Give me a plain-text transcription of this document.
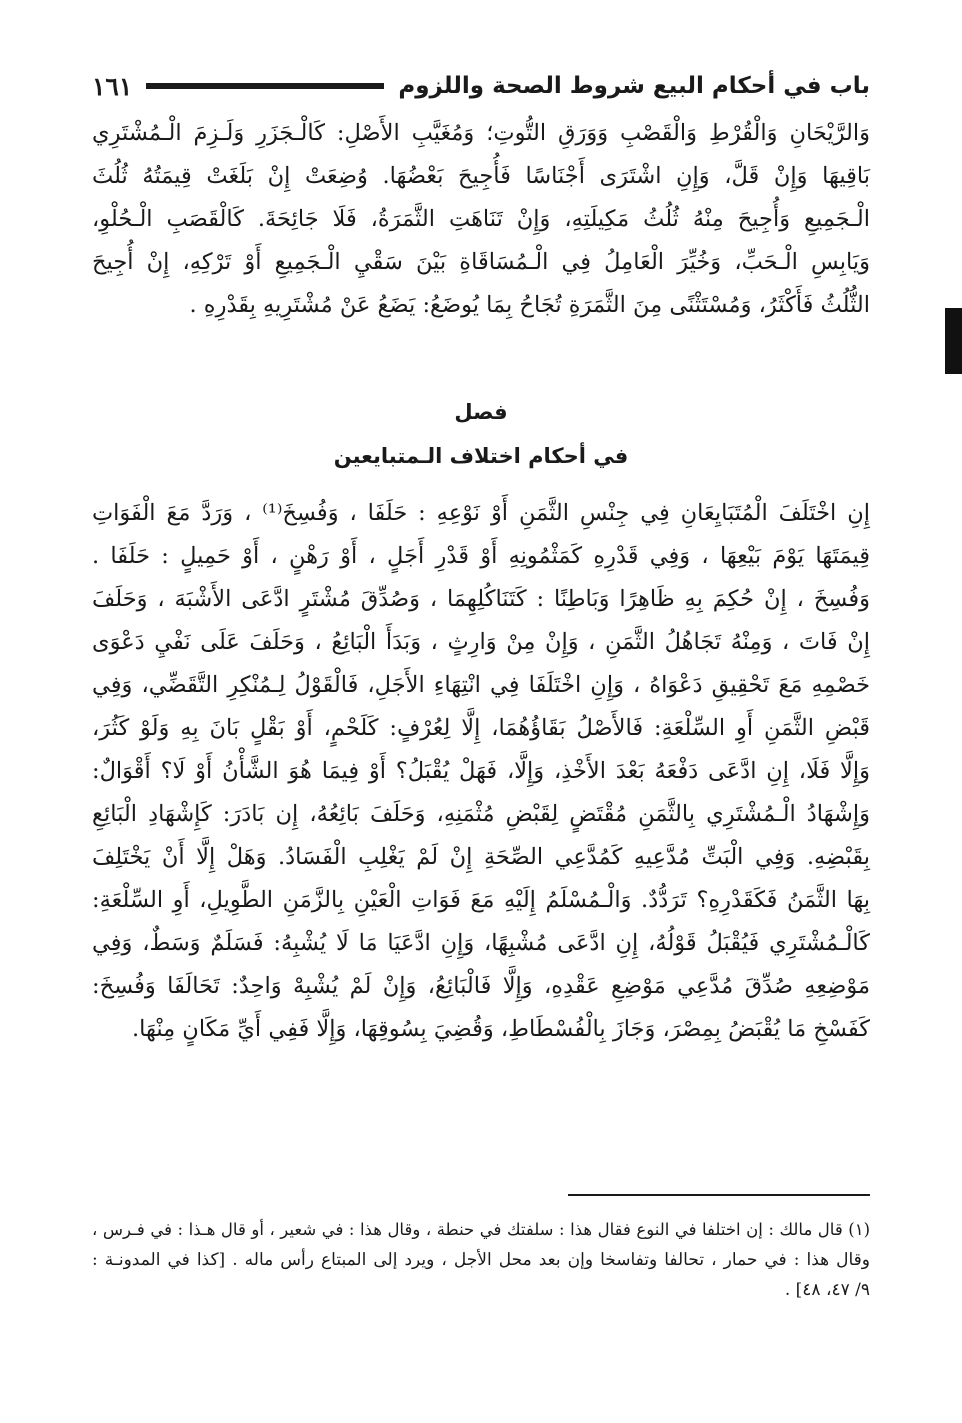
باب في أحكام البيع شروط الصحة واللزوم
١٦١
وَالرَّيْحَانِ وَالْقُرْطِ وَالْقَصْبِ وَوَرَقِ التُّوتِ؛ وَمُغَيَّبِ الأَصْلِ: كَالْـجَزَرِ وَلَـزِمَ الْـمُشْتَرِي
بَاقِيهَا وَإِنْ قَلَّ، وَإِنِ اشْتَرَى أَجْنَاسًا فَأُجِيحَ بَعْضُهَا. وُضِعَتْ إِنْ بَلَغَتْ قِيمَتُهُ ثُلُثَ
الْـجَمِيعِ وَأُجِيحَ مِنْهُ ثُلُثُ مَكِيلَتِهِ، وَإِنْ تَنَاهَتِ الثَّمَرَةُ، فَلَا جَائِحَةَ. كَالْقَصَبِ الْـحُلْوِ،
وَيَابِسِ الْـحَبِّ، وَخُيِّرَ الْعَامِلُ فِي الْـمُسَاقَاةِ بَيْنَ سَقْيِ الْـجَمِيعِ أَوْ تَرْكِهِ، إِنْ أُجِيحَ
الثُّلُثُ فَأَكْثَرُ، وَمُسْتَثْنًى مِنَ الثَّمَرَةِ تُجَاحُ بِمَا يُوضَعُ: يَضَعُ عَنْ مُشْتَرِيهِ بِقَدْرِهِ .
فصل
في أحكام اختلاف الـمتبايعين
إِنِ اخْتَلَفَ الْمُتَبَايِعَانِ فِي جِنْسِ الثَّمَنِ أَوْ نَوْعِهِ : حَلَفَا ، وَفُسِخَ⁽¹⁾ ، وَرَدَّ مَعَ الْفَوَاتِ
قِيمَتَهَا يَوْمَ بَيْعِهَا ، وَفِي قَدْرِهِ كَمَثْمُونِهِ أَوْ قَدْرِ أَجَلٍ ، أَوْ رَهْنٍ ، أَوْ حَمِيلٍ : حَلَفَا .
وَفُسِخَ ، إِنْ حُكِمَ بِهِ ظَاهِرًا وَبَاطِنًا : كَتَنَاكُلِهِمَا ، وَصُدِّقَ مُشْتَرٍ ادَّعَى الأَشْبَهَ ، وَحَلَفَ
إِنْ فَاتَ ، وَمِنْهُ تَجَاهُلُ الثَّمَنِ ، وَإِنْ مِنْ وَارِثٍ ، وَبَدَأَ الْبَائِعُ ، وَحَلَفَ عَلَى نَفْيِ دَعْوَى
خَصْمِهِ مَعَ تَحْقِيقِ دَعْوَاهُ ، وَإِنِ اخْتَلَفَا فِي انْتِهَاءِ الأَجَلِ، فَالْقَوْلُ لِـمُنْكِرِ التَّقَضِّي، وَفِي
قَبْضِ الثَّمَنِ أَوِ السِّلْعَةِ: فَالأَصْلُ بَقَاؤُهُمَا، إِلَّا لِعُرْفٍ: كَلَحْمٍ، أَوْ بَقْلٍ بَانَ بِهِ وَلَوْ كَثُرَ،
وَإِلَّا فَلَا، إِنِ ادَّعَى دَفْعَهُ بَعْدَ الأَخْذِ، وَإِلَّا، فَهَلْ يُقْبَلُ؟ أَوْ فِيمَا هُوَ الشَّأْنُ أَوْ لَا؟ أَقْوَالٌ:
وَإِشْهَادُ الْـمُشْتَرِي بِالثَّمَنِ مُقْتَضٍ لِقَبْضِ مُثْمَنِهِ، وَحَلَفَ بَائِعُهُ، إِن بَادَرَ: كَإِشْهَادِ الْبَائِعِ
بِقَبْضِهِ. وَفِي الْبَتِّ مُدَّعِيهِ كَمُدَّعِي الصِّحَةِ إِنْ لَمْ يَغْلِبِ الْفَسَادُ. وَهَلْ إِلَّا أَنْ يَخْتَلِفَ
بِهَا الثَّمَنُ فَكَقَدْرِهِ؟ تَرَدُّدٌ. وَالْـمُسْلَمُ إِلَيْهِ مَعَ فَوَاتِ الْعَيْنِ بِالزَّمَنِ الطَّوِيلِ، أَوِ السِّلْعَةِ:
كَالْـمُشْتَرِي فَيُقْبَلُ قَوْلُهُ، إِنِ ادَّعَى مُشْبِهًا، وَإِنِ ادَّعَيَا مَا لَا يُشْبِهُ: فَسَلَمٌ وَسَطٌ، وَفِي
مَوْضِعِهِ صُدِّقَ مُدَّعِي مَوْضِعِ عَقْدِهِ، وَإِلَّا فَالْبَائِعُ، وَإِنْ لَمْ يُشْبِهْ وَاحِدٌ: تَحَالَفَا وَفُسِخَ:
كَفَسْخِ مَا يُقْبَضُ بِمِصْرَ، وَجَازَ بِالْفُسْطَاطِ، وَقُضِيَ بِسُوقِهَا، وَإِلَّا فَفِي أَيِّ مَكَانٍ مِنْهَا.
(١) قال مالك : إن اختلفا في النوع فقال هذا : سلفتك في حنطة ، وقال هذا : في شعير ، أو قال هـذا : في فـرس ،
وقال هذا : في حمار ، تحالفا وتفاسخا وإن بعد محل الأجل ، ويرد إلى المبتاع رأس ماله . [كذا في المدونـة :
٩/ ٤٧، ٤٨] .
